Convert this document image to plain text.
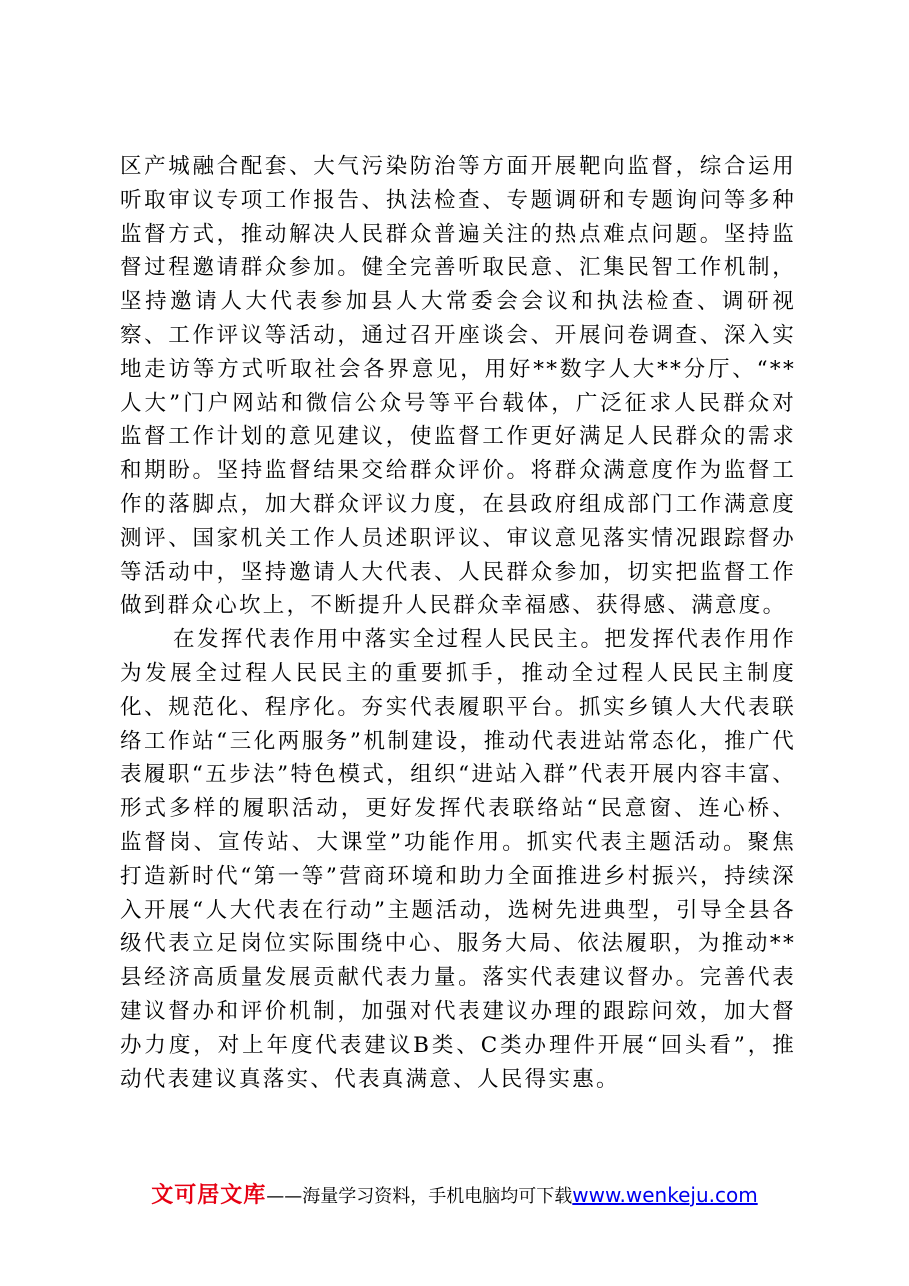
区产城融合配套、大气污染防治等方面开展靶向监督，综合运用听取审议专项工作报告、执法检查、专题调研和专题询问等多种监督方式，推动解决人民群众普遍关注的热点难点问题。坚持监督过程邀请群众参加。健全完善听取民意、汇集民智工作机制，坚持邀请人大代表参加县人大常委会会议和执法检查、调研视察、工作评议等活动，通过召开座谈会、开展问卷调查、深入实地走访等方式听取社会各界意见，用好**数字人大**分厅、“**人大”门户网站和微信公众号等平台载体，广泛征求人民群众对监督工作计划的意见建议，使监督工作更好满足人民群众的需求和期盼。坚持监督结果交给群众评价。将群众满意度作为监督工作的落脚点，加大群众评议力度，在县政府组成部门工作满意度测评、国家机关工作人员述职评议、审议意见落实情况跟踪督办等活动中，坚持邀请人大代表、人民群众参加，切实把监督工作做到群众心坎上，不断提升人民群众幸福感、获得感、满意度。

在发挥代表作用中落实全过程人民民主。把发挥代表作用作为发展全过程人民民主的重要抓手，推动全过程人民民主制度化、规范化、程序化。夯实代表履职平台。抓实乡镇人大代表联络工作站“三化两服务”机制建设，推动代表进站常态化，推广代表履职“五步法”特色模式，组织“进站入群”代表开展内容丰富、形式多样的履职活动，更好发挥代表联络站“民意窗、连心桥、监督岗、宣传站、大课堂”功能作用。抓实代表主题活动。聚焦打造新时代“第一等”营商环境和助力全面推进乡村振兴，持续深入开展“人大代表在行动”主题活动，选树先进典型，引导全县各级代表立足岗位实际围绕中心、服务大局、依法履职，为推动**县经济高质量发展贡献代表力量。落实代表建议督办。完善代表建议督办和评价机制，加强对代表建议办理的跟踪问效，加大督办力度，对上年度代表建议B类、C类办理件开展“回头看”，推动代表建议真落实、代表真满意、人民得实惠。

文可居文库——海量学习资料，手机电脑均可下载www.wenkeju.com
